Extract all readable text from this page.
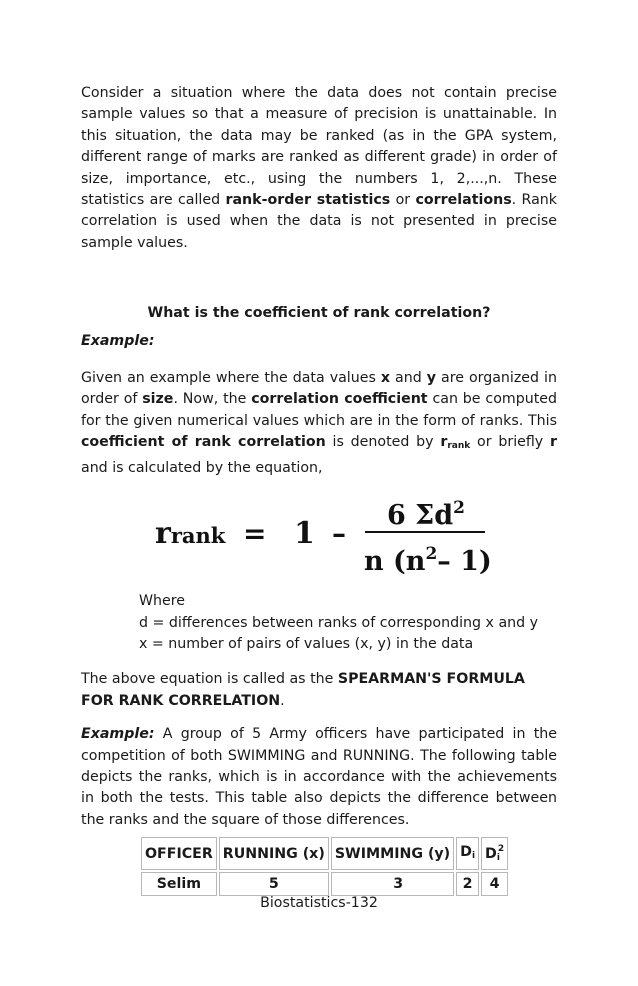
Consider a situation where the data does not contain precise sample values so that a measure of precision is unattainable. In this situation, the data may be ranked (as in the GPA system, different range of marks are ranked as different grade) in order of size, importance, etc., using the numbers 1, 2,...,n. These statistics are called rank-order statistics or correlations. Rank correlation is used when the data is not presented in precise sample values.

What is the coefficient of rank correlation?

Example:

Given an example where the data values x and y are organized in order of size. Now, the correlation coefficient can be computed for the given numerical values which are in the form of ranks. This coefficient of rank correlation is denoted by $r_{rank}$ or briefly r and is calculated by the equation,

rrank = 1 –
6 $\Sigma d^2$
n ($n^2-$ 1)
Where
d = differences between ranks of corresponding x and y
x = number of pairs of values (x, y) in the data

The above equation is called as the SPEARMAN'S FORMULA FOR RANK CORRELATION.

Example: A group of 5 Army officers have participated in the competition of both SWIMMING and RUNNING. The following table depicts the ranks, which is in accordance with the achievements in both the tests. This table also depicts the difference between the ranks and the square of those differences.

OFFICER	RUNNING (x)	SWIMMING (y)	Di	Di$^2$
Selim	5	3	2	4
Biostatistics-132
